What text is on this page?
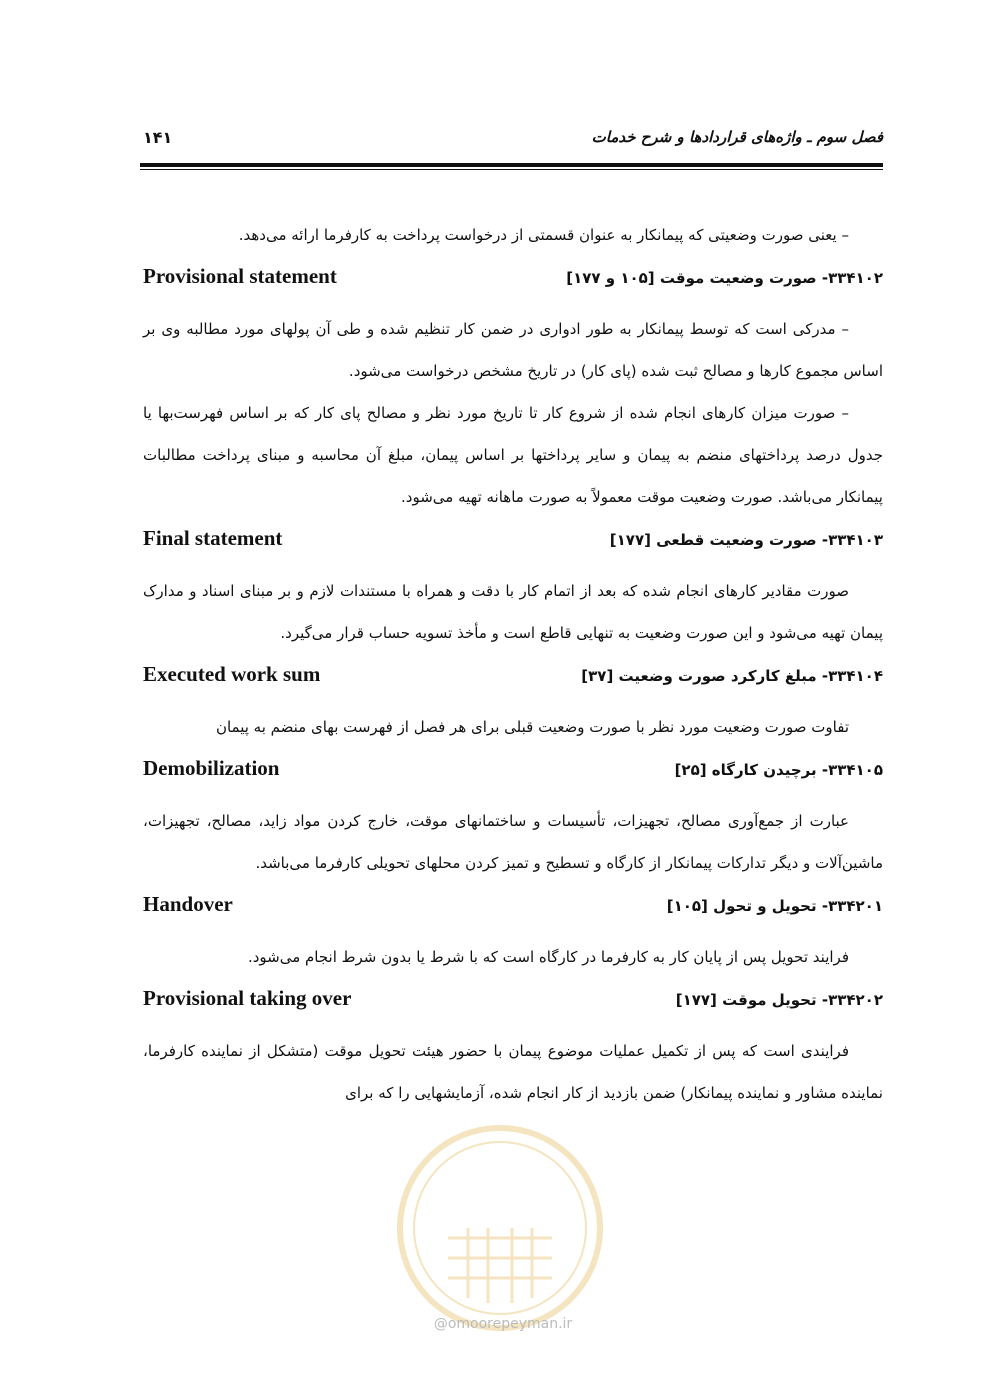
فصل سوم ـ واژه‌های قراردادها و شرح خدمات
۱۴۱

– یعنی صورت وضعیتی که پیمانکار به عنوان قسمتی از درخواست پرداخت به کارفرما ارائه می‌دهد.

Provisional statement	۳۳۴۱۰۲- صورت وضعیت موقت [۱۰۵ و ۱۷۷]

– مدرکی است که توسط پیمانکار به طور ادواری در ضمن کار تنظیم شده و طی آن پولهای مورد مطالبه وی بر اساس مجموع کارها و مصالح ثبت شده (پای کار) در تاریخ مشخص درخواست می‌شود.

– صورت میزان کارهای انجام شده از شروع کار تا تاریخ مورد نظر و مصالح پای کار که بر اساس فهرست‌بها یا جدول درصد پرداختهای منضم به پیمان و سایر پرداختها بر اساس پیمان، مبلغ آن محاسبه و مبنای پرداخت مطالبات پیمانکار می‌باشد. صورت وضعیت موقت معمولاً به صورت ماهانه تهیه می‌شود.

Final statement	۳۳۴۱۰۳- صورت وضعیت قطعی [۱۷۷]

صورت مقادیر کارهای انجام شده که بعد از اتمام کار با دقت و همراه با مستندات لازم و بر مبنای اسناد و مدارک پیمان تهیه می‌شود و این صورت وضعیت به تنهایی قاطع است و مأخذ تسویه حساب قرار می‌گیرد.

Executed work sum	۳۳۴۱۰۴- مبلغ کارکرد صورت وضعیت [۳۷]

تفاوت صورت وضعیت مورد نظر با صورت وضعیت قبلی برای هر فصل از فهرست بهای منضم به پیمان

Demobilization	۳۳۴۱۰۵- برچیدن کارگاه [۲۵]

عبارت از جمع‌آوری مصالح، تجهیزات، تأسیسات و ساختمانهای موقت، خارج کردن مواد زاید، مصالح، تجهیزات، ماشین‌آلات و دیگر تدارکات پیمانکار از کارگاه و تسطیح و تمیز کردن محلهای تحویلی کارفرما می‌باشد.

Handover	۳۳۴۲۰۱- تحویل و تحول [۱۰۵]

فرایند تحویل پس از پایان کار به کارفرما در کارگاه است که با شرط یا بدون شرط انجام می‌شود.

Provisional taking over	۳۳۴۲۰۲- تحویل موقت [۱۷۷]

فرایندی است که پس از تکمیل عملیات موضوع پیمان با حضور هیئت تحویل موقت (متشکل از نماینده کارفرما، نماینده مشاور و نماینده پیمانکار) ضمن بازدید از کار انجام شده، آزمایشهایی را که برای

@omoorepeyman.ir
